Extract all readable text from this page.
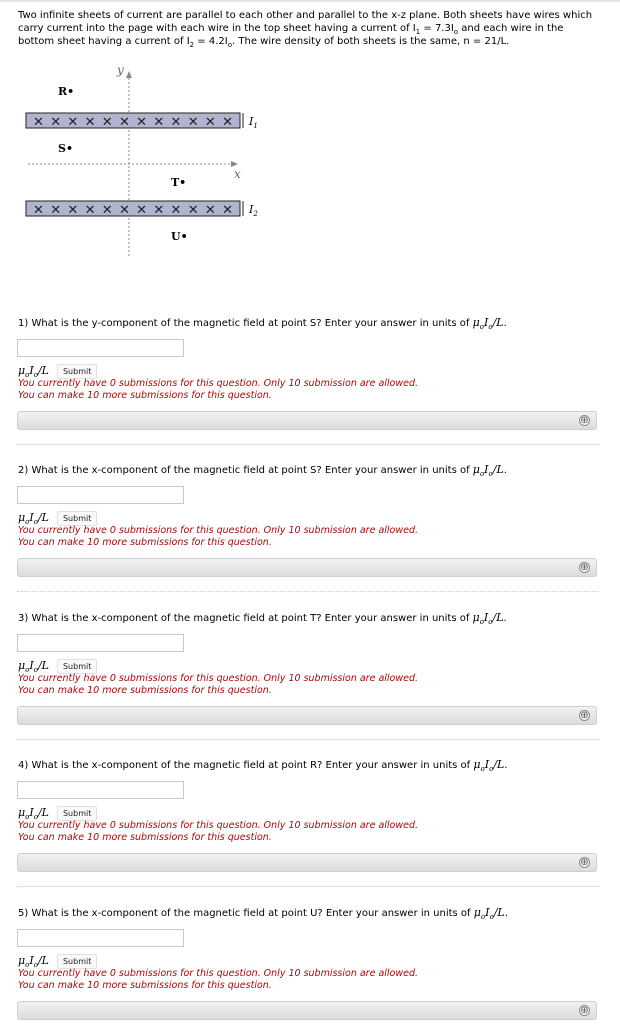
Two infinite sheets of current are parallel to each other and parallel to the x-z plane. Both sheets have wires which carry current into the page with each wire in the top sheet having a current of $I_1 = 7.3I_o$ and each wire in the bottom sheet having a current of $I_2 = 4.2I_o$. The wire density of both sheets is the same, n = 21/L.
y
x
✕✕✕✕✕✕✕✕✕✕✕✕ $I_1$
✕✕✕✕✕✕✕✕✕✕✕✕ $I_2$
R•
S•
T•
U•
1) What is the y-component of the magnetic field at point S? Enter your answer in units of $\mu_oI_o/L$.
$\mu_oI_o/L$	Submit
You currently have 0 submissions for this question. Only 10 submission are allowed.
You can make 10 more submissions for this question.
⊕
2) What is the x-component of the magnetic field at point S? Enter your answer in units of $\mu_oI_o/L$.
$\mu_oI_o/L$	Submit
You currently have 0 submissions for this question. Only 10 submission are allowed.
You can make 10 more submissions for this question.
⊕
3) What is the x-component of the magnetic field at point T? Enter your answer in units of $\mu_oI_o/L$.
$\mu_oI_o/L$	Submit
You currently have 0 submissions for this question. Only 10 submission are allowed.
You can make 10 more submissions for this question.
⊕
4) What is the x-component of the magnetic field at point R? Enter your answer in units of $\mu_oI_o/L$.
$\mu_oI_o/L$	Submit
You currently have 0 submissions for this question. Only 10 submission are allowed.
You can make 10 more submissions for this question.
⊕
5) What is the x-component of the magnetic field at point U? Enter your answer in units of $\mu_oI_o/L$.
$\mu_oI_o/L$	Submit
You currently have 0 submissions for this question. Only 10 submission are allowed.
You can make 10 more submissions for this question.
⊕
